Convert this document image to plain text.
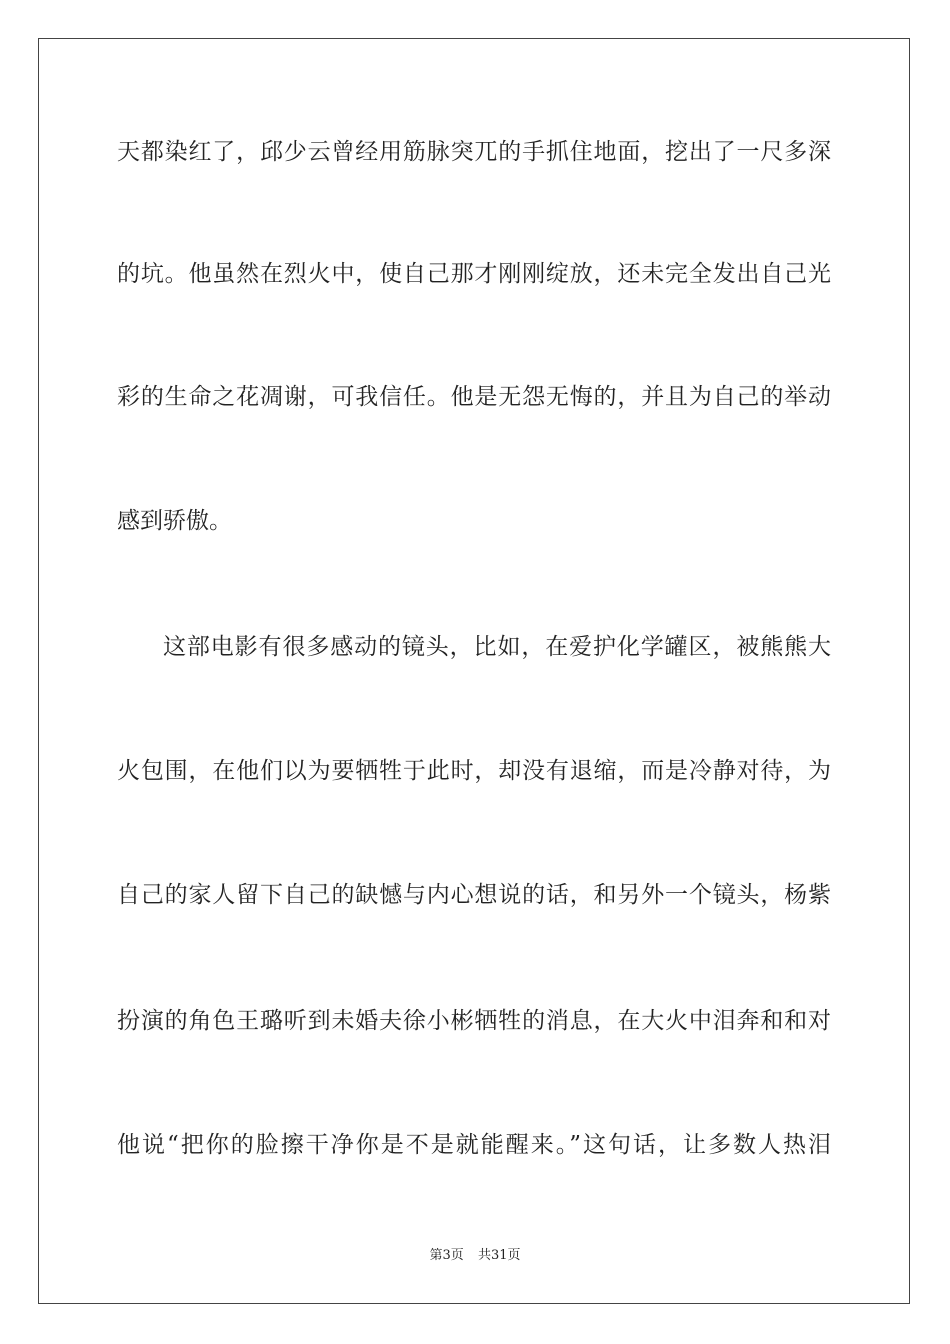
天都染红了，邱少云曾经用筋脉突兀的手抓住地面，挖出了一尺多深
的坑。他虽然在烈火中，使自己那才刚刚绽放，还未完全发出自己光
彩的生命之花凋谢，可我信任。他是无怨无悔的，并且为自己的举动
感到骄傲。
这部电影有很多感动的镜头，比如，在爱护化学罐区，被熊熊大
火包围，在他们以为要牺牲于此时，却没有退缩，而是冷静对待，为
自己的家人留下自己的缺憾与内心想说的话，和另外一个镜头，杨紫
扮演的角色王璐听到未婚夫徐小彬牺牲的消息，在大火中泪奔和和对
他说“把你的脸擦干净你是不是就能醒来。”这句话，让多数人热泪
第3页 共31页
